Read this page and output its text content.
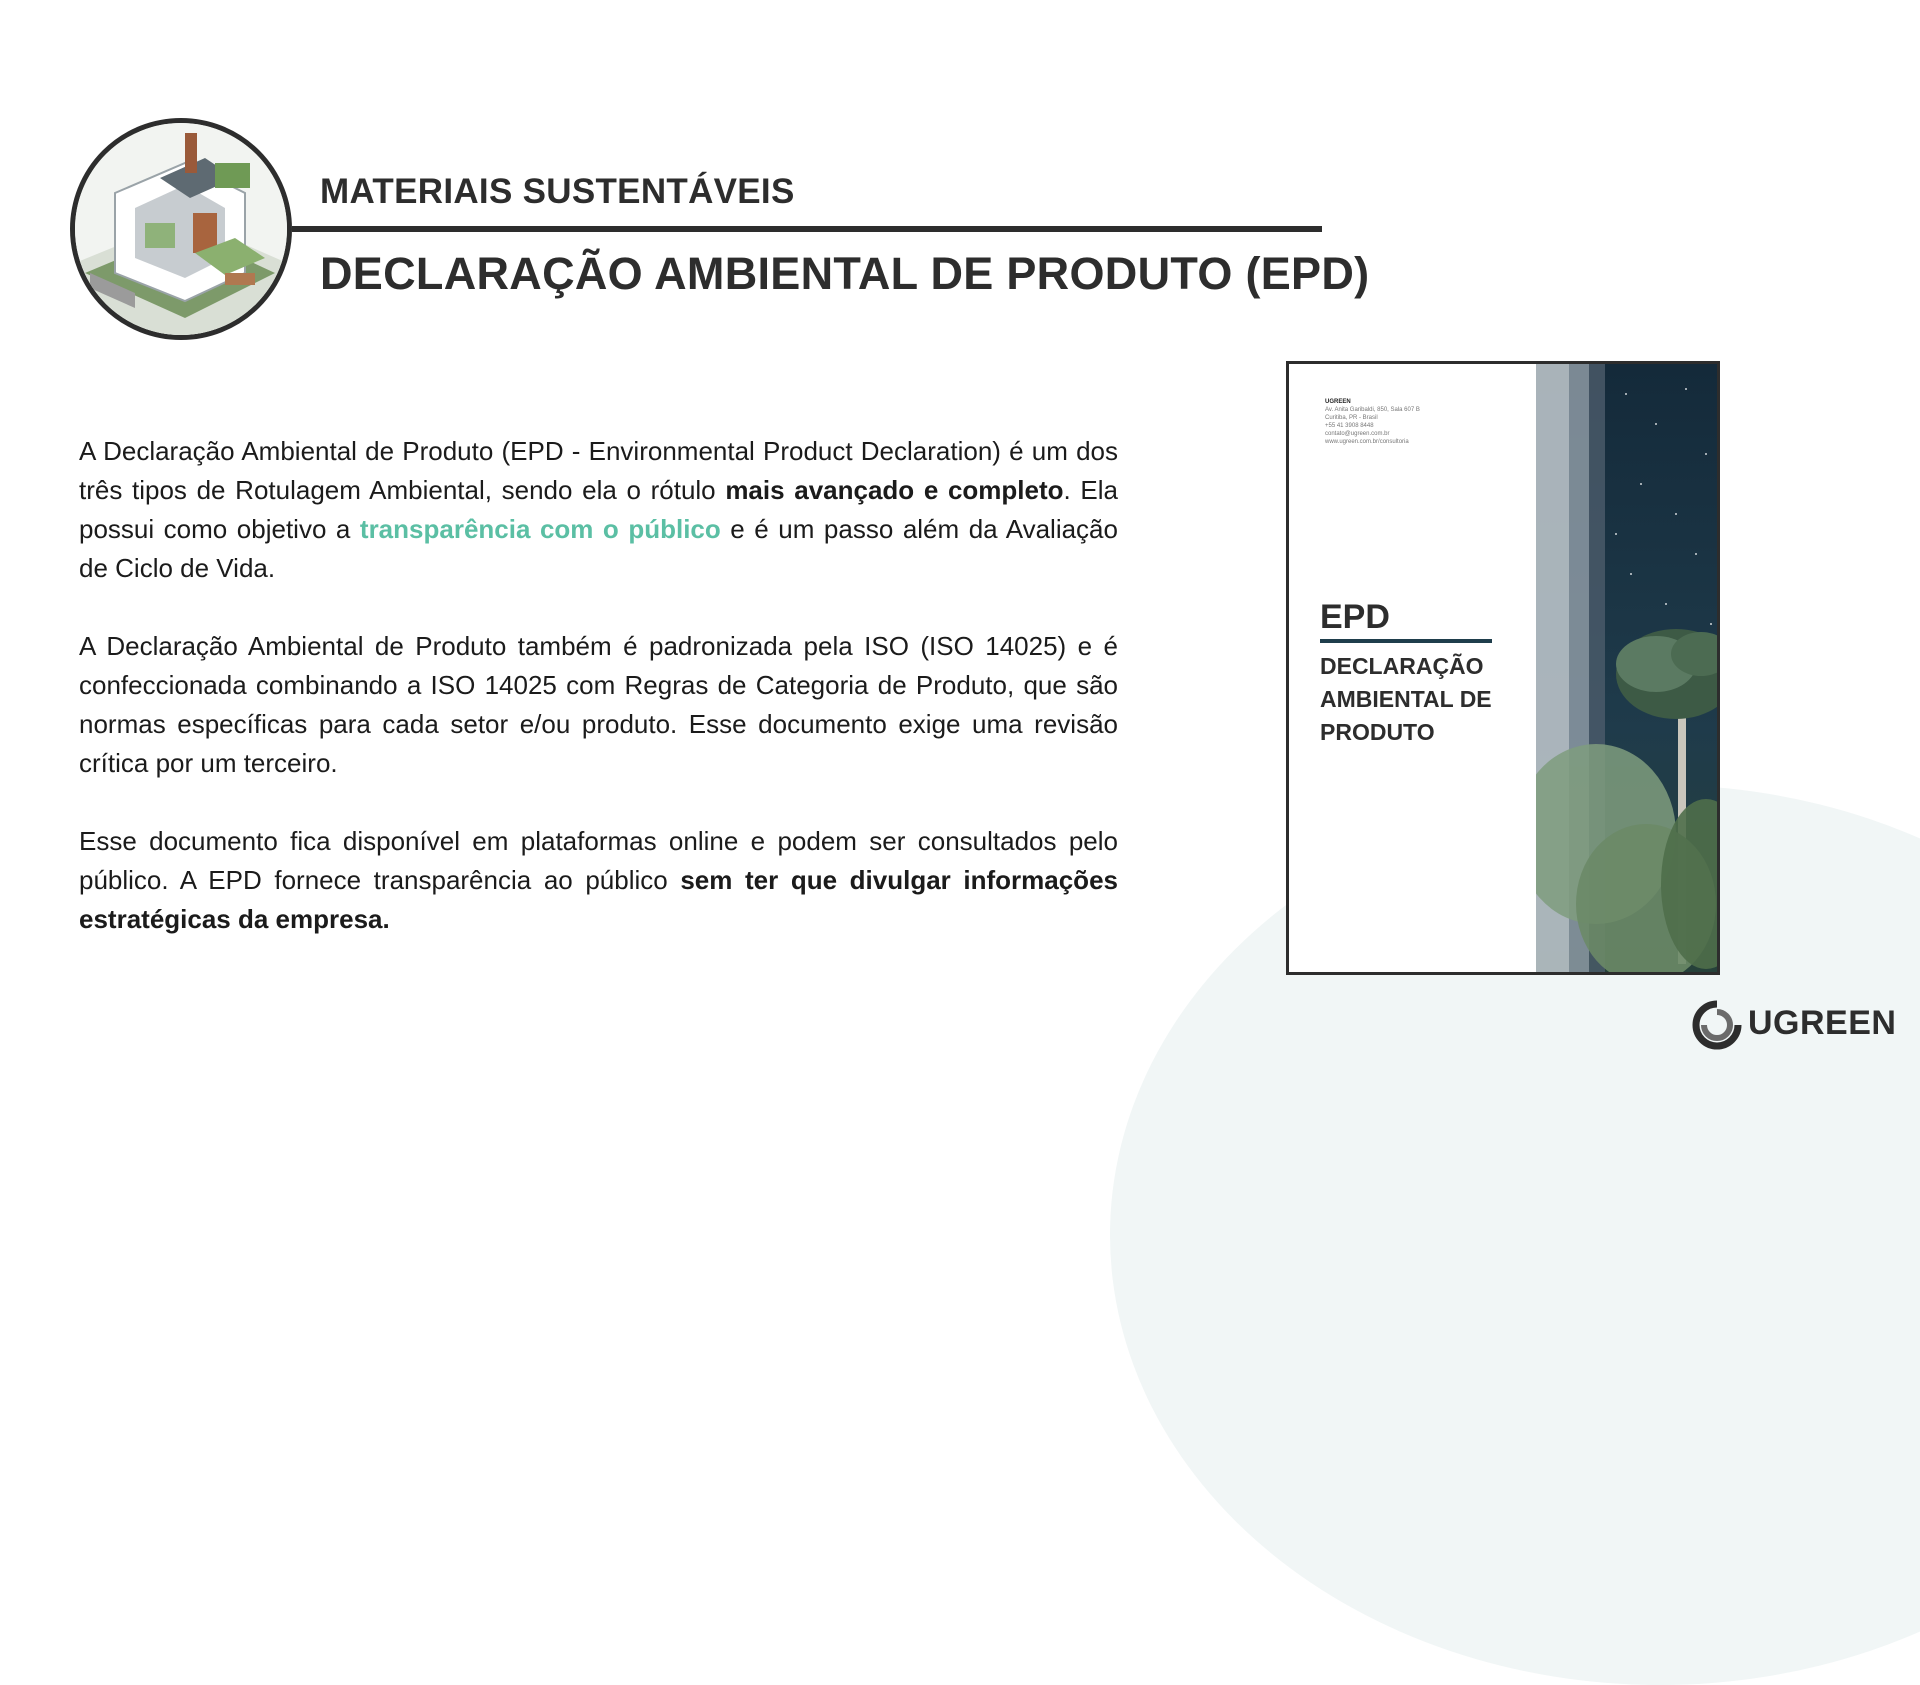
MATERIAIS SUSTENTÁVEIS
DECLARAÇÃO AMBIENTAL DE PRODUTO (EPD)

A Declaração Ambiental de Produto (EPD - Environmental Product Declaration) é um dos três tipos de Rotulagem Ambiental, sendo ela o rótulo mais avançado e completo. Ela possui como objetivo a transparência com o público e é um passo além da Avaliação de Ciclo de Vida.

A Declaração Ambiental de Produto também é padronizada pela ISO (ISO 14025) e é confeccionada combinando a ISO 14025 com Regras de Categoria de Produto, que são normas específicas para cada setor e/ou produto. Esse documento exige uma revisão crítica por um terceiro.

Esse documento fica disponível em plataformas online e podem ser consultados pelo público. A EPD fornece transparência ao público sem ter que divulgar informações estratégicas da empresa.

UGREEN
Av. Anita Garibaldi, 850, Sala 607 B
Curitiba, PR - Brasil
+55 41 3908 8448
contato@ugreen.com.br
www.ugreen.com.br/consultoria
EPD
DECLARAÇÃO AMBIENTAL DE PRODUTO
UGREEN
